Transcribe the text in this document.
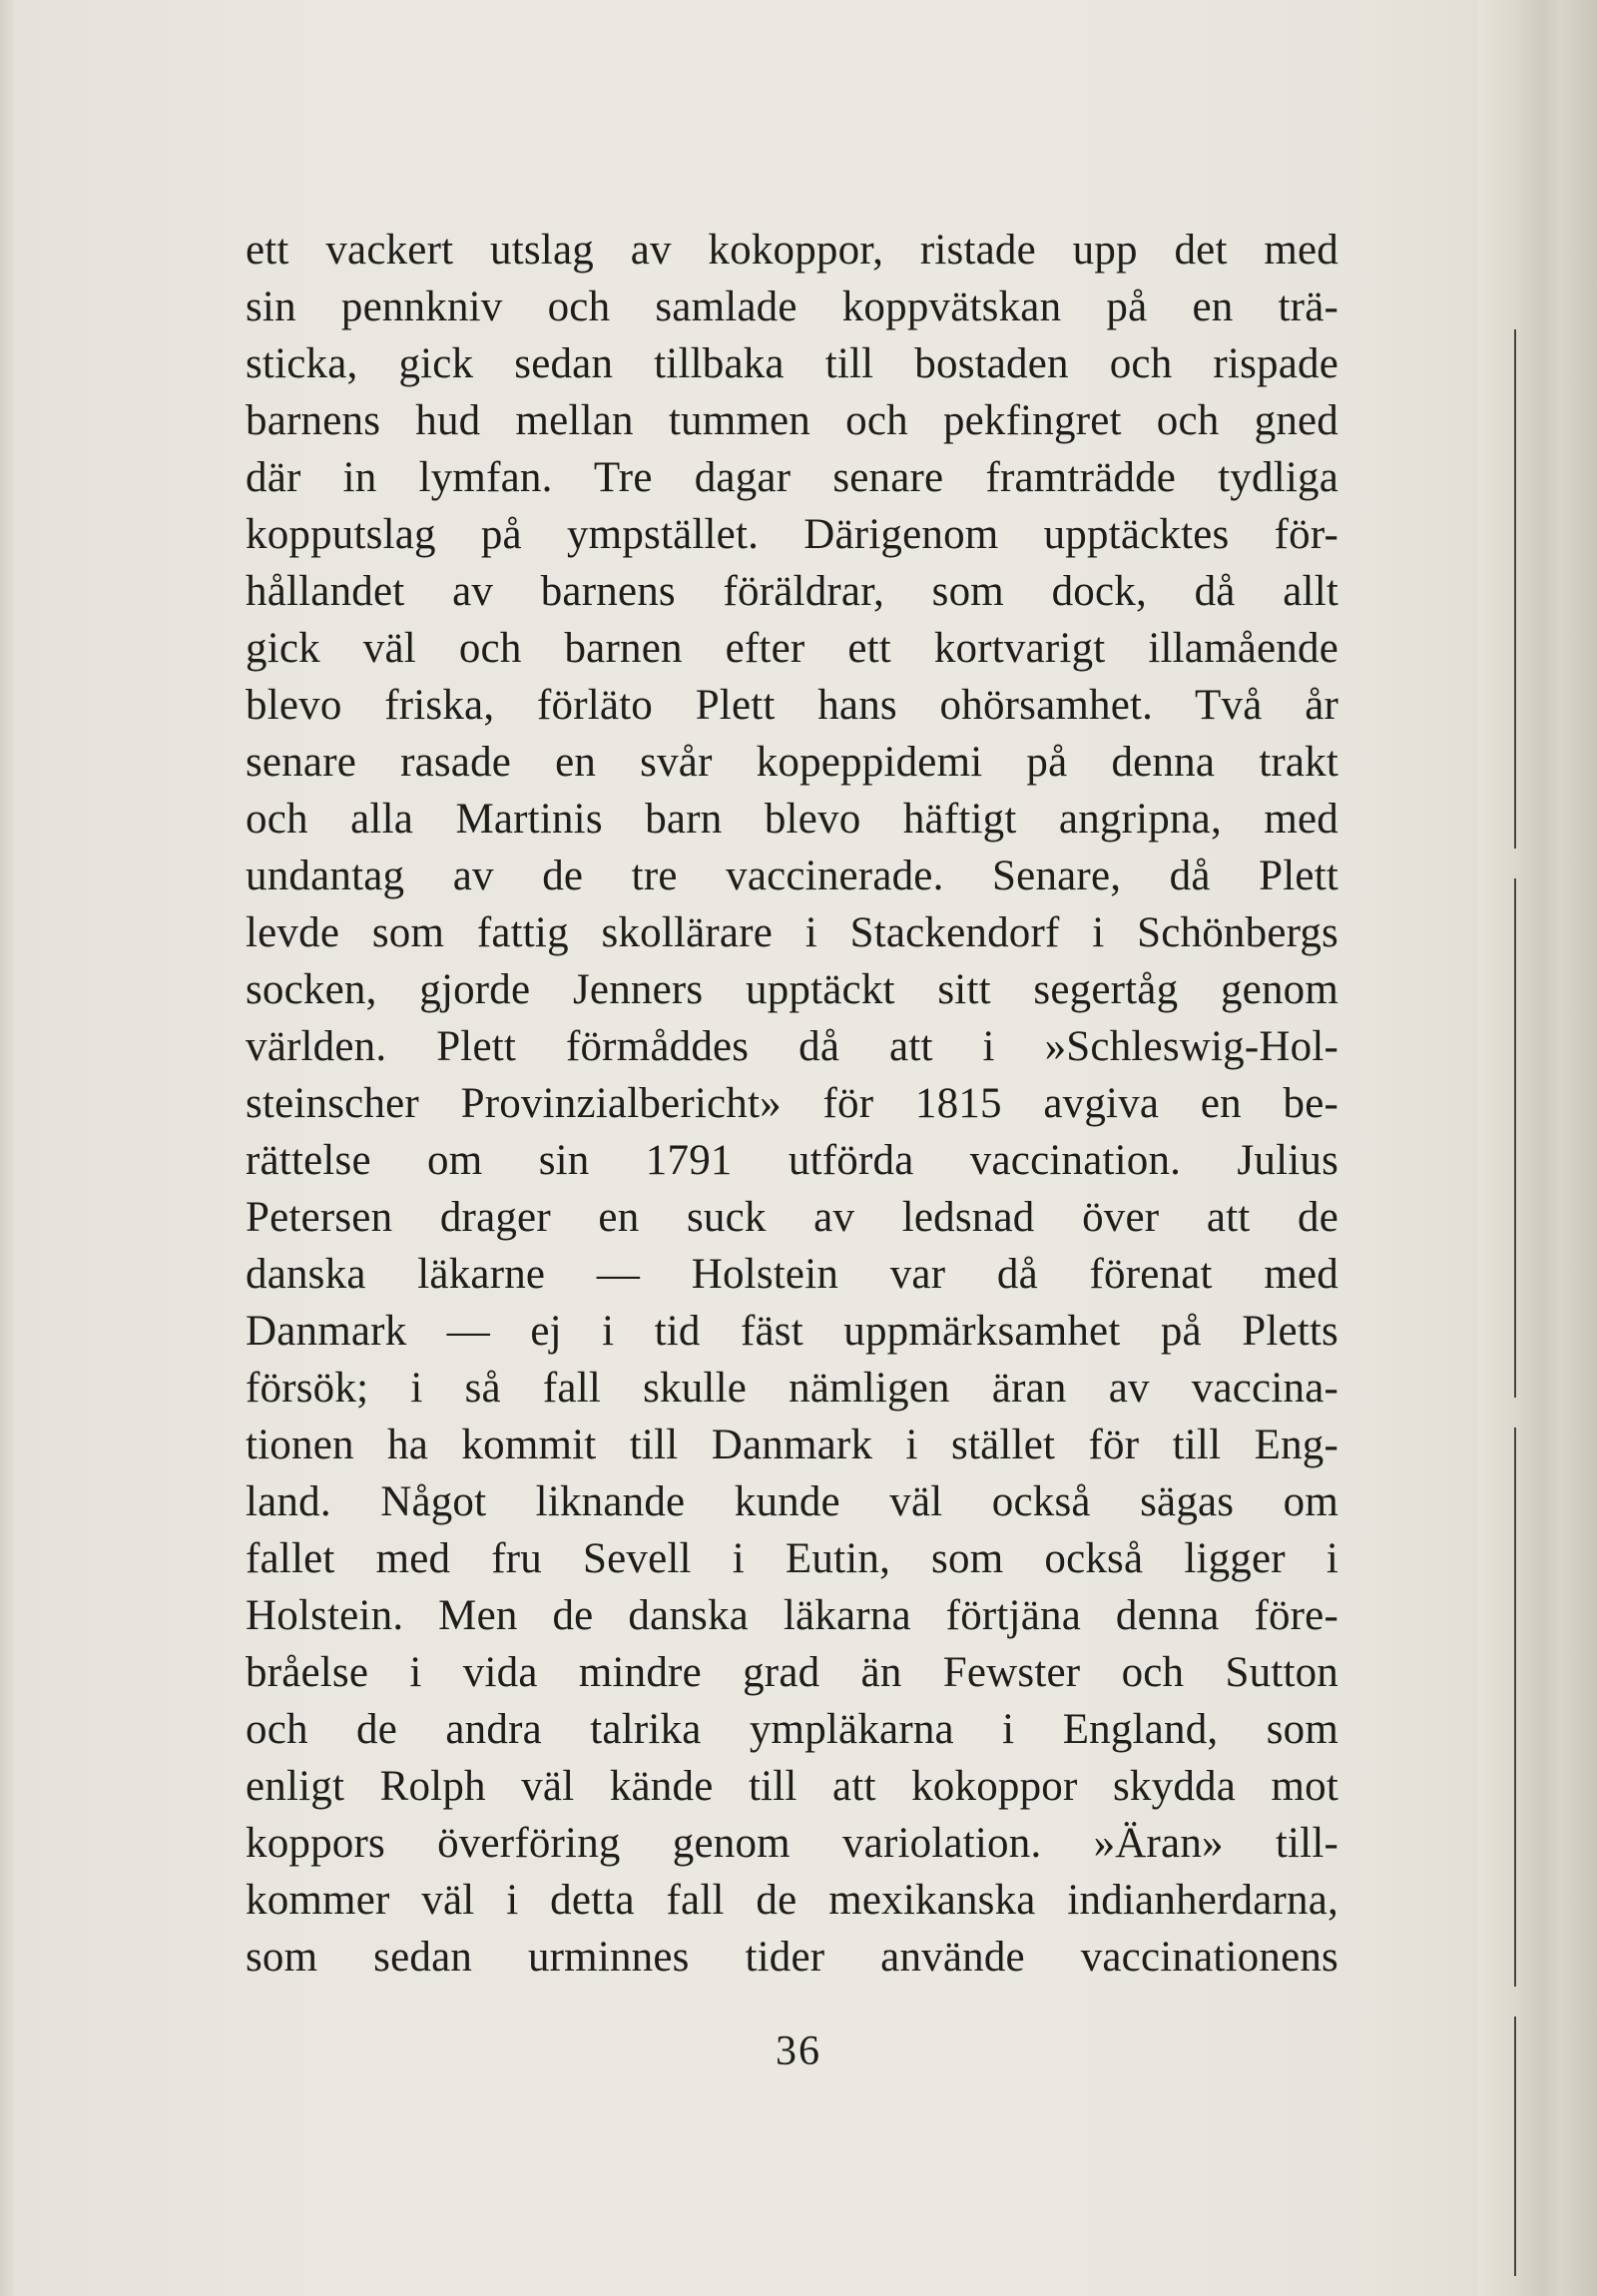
ett vackert utslag av kokoppor, ristade upp det med
sin pennkniv och samlade koppvätskan på en trä-
sticka, gick sedan tillbaka till bostaden och rispade
barnens hud mellan tummen och pekfingret och gned
där in lymfan. Tre dagar senare framträdde tydliga
kopputslag på ympstället. Därigenom upptäcktes för-
hållandet av barnens föräldrar, som dock, då allt
gick väl och barnen efter ett kortvarigt illamående
blevo friska, förläto Plett hans ohörsamhet. Två år
senare rasade en svår kopeppidemi på denna trakt
och alla Martinis barn blevo häftigt angripna, med
undantag av de tre vaccinerade. Senare, då Plett
levde som fattig skollärare i Stackendorf i Schönbergs
socken, gjorde Jenners upptäckt sitt segertåg genom
världen. Plett förmåddes då att i »Schleswig-Hol-
steinscher Provinzialbericht» för 1815 avgiva en be-
rättelse om sin 1791 utförda vaccination. Julius
Petersen drager en suck av ledsnad över att de
danska läkarne — Holstein var då förenat med
Danmark — ej i tid fäst uppmärksamhet på Pletts
försök; i så fall skulle nämligen äran av vaccina-
tionen ha kommit till Danmark i stället för till Eng-
land. Något liknande kunde väl också sägas om
fallet med fru Sevell i Eutin, som också ligger i
Holstein. Men de danska läkarna förtjäna denna före-
bråelse i vida mindre grad än Fewster och Sutton
och de andra talrika ympläkarna i England, som
enligt Rolph väl kände till att kokoppor skydda mot
koppors överföring genom variolation. »Äran» till-
kommer väl i detta fall de mexikanska indianherdarna,
som sedan urminnes tider använde vaccinationens
36
